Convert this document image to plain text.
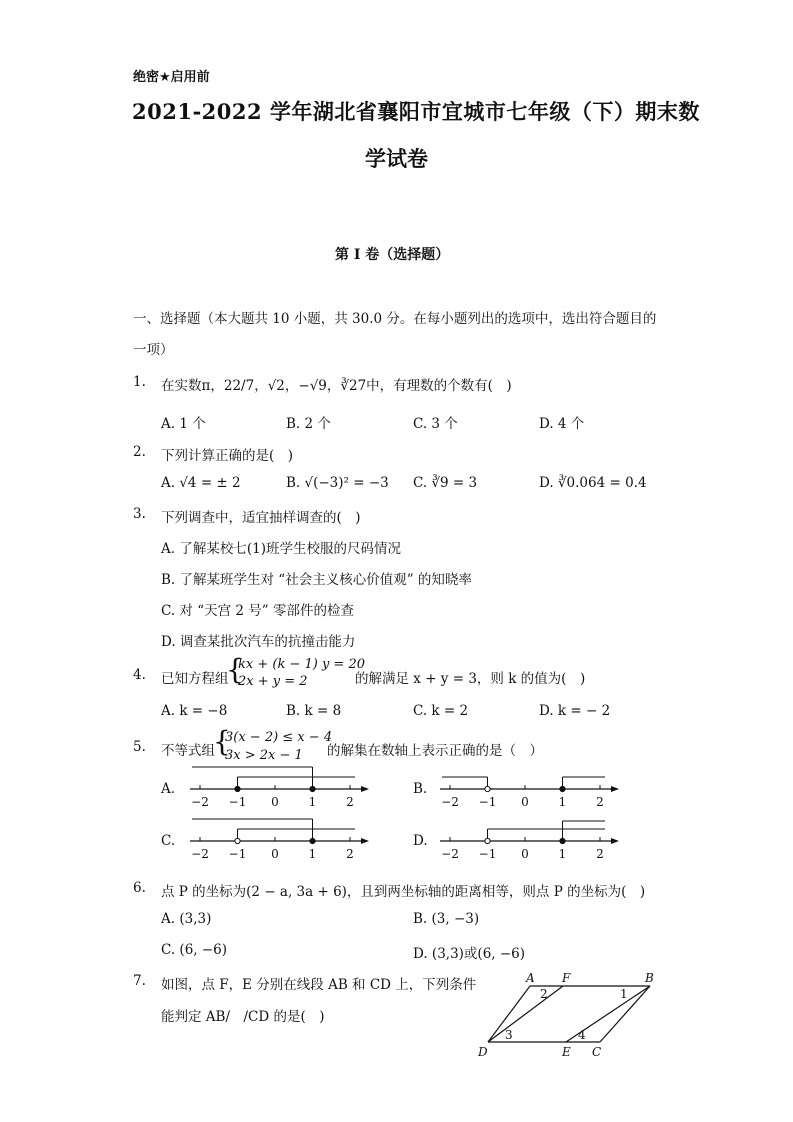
绝密★启用前
2021-2022 学年湖北省襄阳市宜城市七年级（下）期末数
学试卷
第 I 卷（选择题）
一、选择题（本大题共 10 小题，共 30.0 分。在每小题列出的选项中，选出符合题目的
一项）
1. 在实数π，22/7，√2，−√9，∛27中，有理数的个数有(　)
A. 1 个	B. 2 个	C. 3 个	D. 4 个
2. 下列计算正确的是(　)
A. √4 = ± 2	B. √(−3)² = −3 C. ∛9 = 3	D. ∛0.064 = 0.4
3. 下列调查中，适宜抽样调查的(　)
A. 了解某校七(1)班学生校服的尺码情况
B. 了解某班学生对 “社会主义核心价值观” 的知晓率
C. 对 “天宫 2 号” 零部件的检查
D. 调查某批次汽车的抗撞击能力
4. 已知方程组
{
kx + (k − 1) y = 20
2x + y = 2	的解满足 x + y = 3，则 k 的值为(　)
A. k = −8	B. k = 8	C. k = 2	D. k = − 2
5. 不等式组
{
3(x − 2) ≤ x − 4
3x > 2x − 1 的解集在数轴上表示正确的是（　）
A.	B.
C.	D.
−2 −1 0 1 2	−2 −1 0 1 2
−2 −1 0 1 2	−2 −1 0 1 2
6. 点 P 的坐标为(2 − a, 3a + 6)，且到两坐标轴的距离相等，则点 P 的坐标为(　)
A. (3,3)	B. (3, −3)
C. (6, −6)	D. (3,3)或(6, −6)
7. 如图，点 F，E 分别在线段 AB 和 CD 上，下列条件
能判定 AB/　/CD 的是(　)
A F	B
D	E C
1
2
3	4
